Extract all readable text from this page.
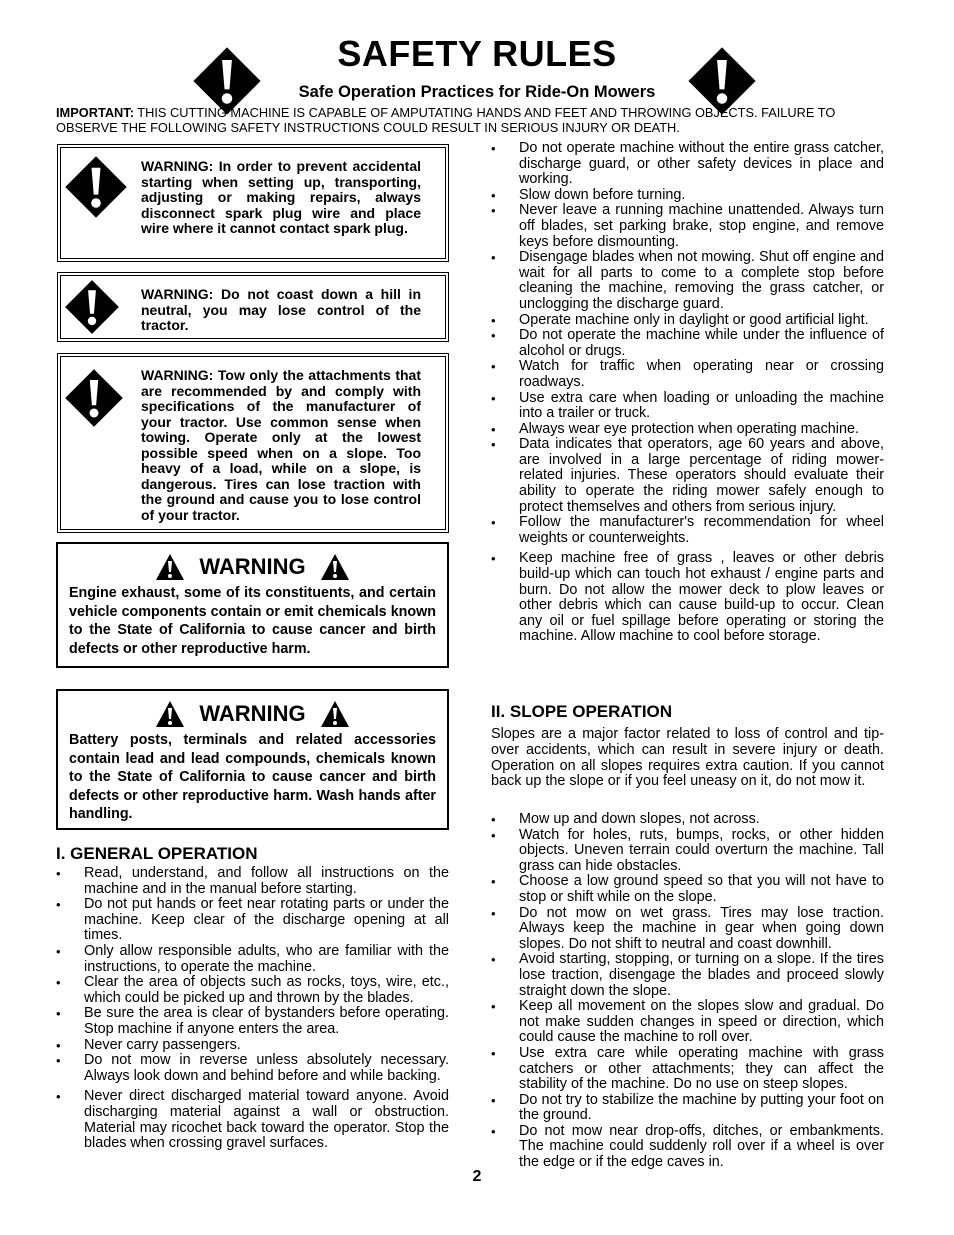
SAFETY RULES
Safe Operation Practices for Ride-On Mowers
IMPORTANT: THIS CUTTING MACHINE IS CAPABLE OF AMPUTATING HANDS AND FEET AND THROWING OBJECTS. FAILURE TO OBSERVE THE FOLLOWING SAFETY INSTRUCTIONS COULD RESULT IN SERIOUS INJURY OR DEATH.
WARNING: In order to prevent accidental starting when setting up, transporting, adjusting or making repairs, always disconnect spark plug wire and place wire where it cannot contact spark plug.
WARNING: Do not coast down a hill in neutral, you may lose control of the tractor.
WARNING: Tow only the attachments that are recommended by and comply with specifications of the manufacturer of your tractor. Use common sense when towing. Operate only at the lowest possible speed when on a slope. Too heavy of a load, while on a slope, is dangerous. Tires can lose traction with the ground and cause you to lose control of your tractor.
WARNING
Engine exhaust, some of its constituents, and certain vehicle components contain or emit chemicals known to the State of California to cause cancer and birth defects or other reproductive harm.
WARNING
Battery posts, terminals and related accessories contain lead and lead compounds, chemicals known to the State of California to cause cancer and birth defects or other reproductive harm. Wash hands after handling.
I. GENERAL OPERATION
• Read, understand, and follow all instructions on the machine and in the manual before starting.
• Do not put hands or feet near rotating parts or under the machine. Keep clear of the discharge opening at all times.
• Only allow responsible adults, who are familiar with the instructions, to operate the machine.
• Clear the area of objects such as rocks, toys, wire, etc., which could be picked up and thrown by the blades.
• Be sure the area is clear of bystanders before operating. Stop machine if anyone enters the area.
• Never carry passengers.
• Do not mow in reverse unless absolutely necessary. Always look down and behind before and while backing.
• Never direct discharged material toward anyone. Avoid discharging material against a wall or obstruction. Material may ricochet back toward the operator. Stop the blades when crossing gravel surfaces.
• Do not operate machine without the entire grass catcher, discharge guard, or other safety devices in place and working.
• Slow down before turning.
• Never leave a running machine unattended. Always turn off blades, set parking brake, stop engine, and remove keys before dismounting.
• Disengage blades when not mowing. Shut off engine and wait for all parts to come to a complete stop before cleaning the machine, removing the grass catcher, or unclogging the discharge guard.
• Operate machine only in daylight or good artificial light.
• Do not operate the machine while under the influence of alcohol or drugs.
• Watch for traffic when operating near or crossing roadways.
• Use extra care when loading or unloading the machine into a trailer or truck.
• Always wear eye protection when operating machine.
• Data indicates that operators, age 60 years and above, are involved in a large percentage of riding mower-related injuries. These operators should evaluate their ability to operate the riding mower safely enough to protect themselves and others from serious injury.
• Follow the manufacturer's recommendation for wheel weights or counterweights.
• Keep machine free of grass , leaves or other debris build-up which can touch hot exhaust / engine parts and burn. Do not allow the mower deck to plow leaves or other debris which can cause build-up to occur. Clean any oil or fuel spillage before operating or storing the machine. Allow machine to cool before storage.
II. SLOPE OPERATION
Slopes are a major factor related to loss of control and tip-over accidents, which can result in severe injury or death. Operation on all slopes requires extra caution. If you cannot back up the slope or if you feel uneasy on it, do not mow it.
• Mow up and down slopes, not across.
• Watch for holes, ruts, bumps, rocks, or other hidden objects. Uneven terrain could overturn the machine. Tall grass can hide obstacles.
• Choose a low ground speed so that you will not have to stop or shift while on the slope.
• Do not mow on wet grass. Tires may lose traction. Always keep the machine in gear when going down slopes. Do not shift to neutral and coast downhill.
• Avoid starting, stopping, or turning on a slope. If the tires lose traction, disengage the blades and proceed slowly straight down the slope.
• Keep all movement on the slopes slow and gradual. Do not make sudden changes in speed or direction, which could cause the machine to roll over.
• Use extra care while operating machine with grass catchers or other attachments; they can affect the stability of the machine. Do no use on steep slopes.
• Do not try to stabilize the machine by putting your foot on the ground.
• Do not mow near drop-offs, ditches, or embankments. The machine could suddenly roll over if a wheel is over the edge or if the edge caves in.
2
